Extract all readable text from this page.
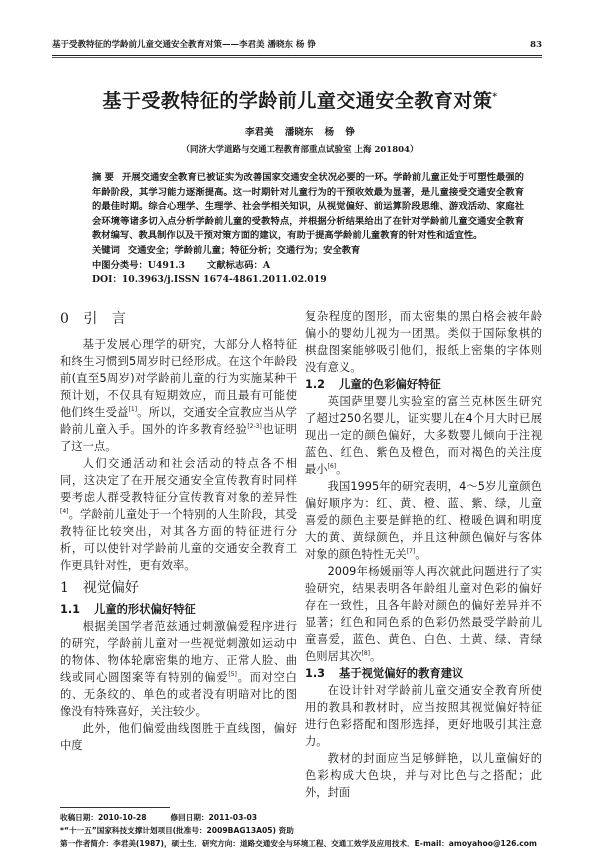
基于受教特征的学龄前儿童交通安全教育对策——李君美 潘晓东 杨 铮	83
基于受教特征的学龄前儿童交通安全教育对策*
李君美 潘晓东 杨 铮
（同济大学道路与交通工程教育部重点试验室 上海 201804）
摘 要 开展交通安全教育已被证实为改善国家交通安全状况必要的一环。学龄前儿童正处于可塑性最强的年龄阶段，其学习能力逐渐提高。这一时期针对儿童行为的干预收效最为显著，是儿童接受交通安全教育的最佳时期。综合心理学、生理学、社会学相关知识，从视觉偏好、前运算阶段思维、游戏活动、家庭社会环境等诸多切入点分析学龄前儿童的受教特点，并根据分析结果给出了在针对学龄前儿童交通安全教育教材编写、教具制作以及干预对策方面的建议，有助于提高学龄前儿童教育的针对性和适宜性。
关键词 交通安全；学龄前儿童；特征分析；交通行为；安全教育
中图分类号：U491.3 文献标志码：A
DOI：10.3963/j.ISSN 1674-4861.2011.02.019
0 引 言

基于发展心理学的研究，大部分人格特征和终生习惯到5周岁时已经形成。在这个年龄段前(直至5周岁)对学龄前儿童的行为实施某种干预计划，不仅具有短期效应，而且最有可能使他们终生受益[1]。所以，交通安全宣教应当从学龄前儿童入手。国外的许多教育经验[2-3]也证明了这一点。

人们交通活动和社会活动的特点各不相同，这决定了在开展交通安全宣传教育时同样要考虑人群受教特征分宣传教育对象的差异性[4]。学龄前儿童处于一个特别的人生阶段，其受教特征比较突出，对其各方面的特征进行分析，可以使针对学龄前儿童的交通安全教育工作更具针对性，更有效率。

1 视觉偏好
1.1 儿童的形状偏好特征

根据美国学者范兹通过刺激偏爱程序进行的研究，学龄前儿童对一些视觉刺激如运动中的物体、物体轮廓密集的地方、正常人脸、曲线或同心圆图案等有特别的偏爱[5]。而对空白的、无条纹的、单色的或者没有明暗对比的图像没有特殊喜好，关注较少。

此外，他们偏爱曲线图胜于直线图，偏好中度

复杂程度的图形，而太密集的黑白格会被年龄偏小的婴幼儿视为一团黑。类似于国际象棋的棋盘图案能够吸引他们，报纸上密集的字体则没有意义。

1.2 儿童的色彩偏好特征

英国萨里婴儿实验室的富兰克林医生研究了超过250名婴儿，证实婴儿在4个月大时已展现出一定的颜色偏好，大多数婴儿倾向于注视蓝色、红色、紫色及橙色，而对褐色的关注度最小[6]。

我国1995年的研究表明，4～5岁儿童颜色偏好顺序为：红、黄、橙、蓝、紫、绿，儿童喜爱的颜色主要是鲜艳的红、橙暖色调和明度大的黄、黄绿颜色，并且这种颜色偏好与客体对象的颜色特性无关[7]。

2009年杨媛丽等人再次就此问题进行了实验研究，结果表明各年龄组儿童对色彩的偏好存在一致性，且各年龄对颜色的偏好差异并不显著；红色和同色系的色彩仍然最受学龄前儿童喜爱，蓝色、黄色、白色、土黄、绿、青绿色则居其次[8]。

1.3 基于视觉偏好的教育建议

在设计针对学龄前儿童交通安全教育所使用的教具和教材时，应当按照其视觉偏好特征进行色彩搭配和图形选择，更好地吸引其注意力。

教材的封面应当足够鲜艳，以儿童偏好的色彩构成大色块，并与对比色与之搭配；此外，封面

收稿日期：2010-10-28	修回日期：2011-03-03
*“十一五”国家科技支撑计划项目(批准号：2009BAG13A05) 资助
第一作者简介：李君美(1987)，硕士生．研究方向：道路交通安全与环境工程、交通工效学及应用技术．E-mail：amoyahoo@126.com
